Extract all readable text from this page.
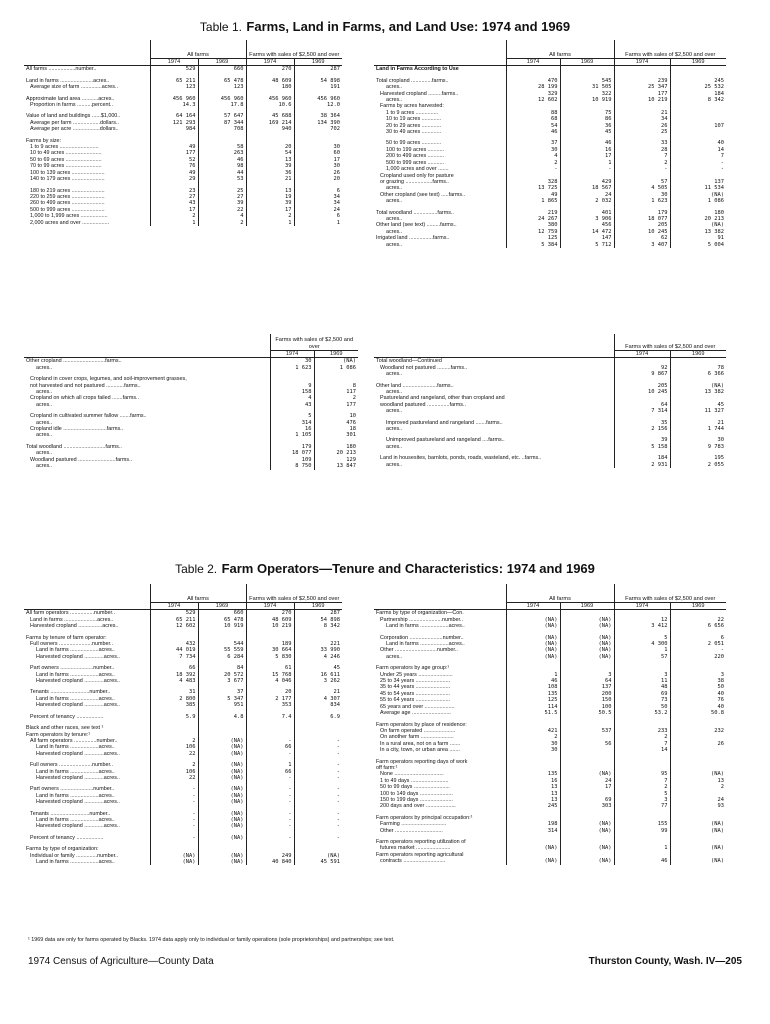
Table 1. Farms, Land in Farms, and Land Use: 1974 and 1969
	All farms		Farms with sales of $2,500 and over	
	1974	1969	1974	1969
All farms ..................number..	529	660	270	287

Land in farms ......................acres..	65 211	65 478	48 609	54 898
Average size of farm ..............acres..	123	123	180	191

Approximate land area ...........acres..	456 960	456 960	456 960	456 960
Proportion in farms ..........percent..	14.3	17.8	10.6	12.0

Value of land and buildings ......$1,000..	64 164	57 647	45 688	38 364
Average per farm ..................dollars..	121 293	87 344	169 214	134 390
Average per acre ..................dollars..	984	708	940	702

Farms by size:				
1 to 9 acres ..........................	49	58	20	30
10 to 49 acres ........................	177	263	54	60
50 to 69 acres ........................	52	46	13	17
70 to 99 acres ........................	76	98	39	30
100 to 139 acres ......................	49	44	36	26
140 to 179 acres ......................	29	53	21	20

180 to 219 acres ......................	23	25	13	6
220 to 259 acres ......................	27	27	19	34
260 to 499 acres ......................	43	39	39	34
500 to 999 acres ......................	17	22	17	24
1,000 to 1,999 acres ..................	2	4	2	6
2,000 acres and over ..................	1	2	1	1
	All farms		Farms with sales of $2,500 and over	
	1974	1969	1974	1969
Land in Farms According to Use				

Total cropland ..............farms..	470	545	239	245
acres..	28 199	31 505	25 347	25 532
Harvested cropland .........farms..	329	322	177	184
acres..	12 602	10 919	10 219	8 342
Farms by acres harvested:				
1 to 9 acres ...............	88	75	21	
10 to 19 acres .............	68	86	34	
20 to 29 acres .............	54	36	26	107
30 to 49 acres .............	46	45	25	

50 to 99 acres .............	37	46	33	40
100 to 199 acres ...........	30	16	28	14
200 to 499 acres ...........	4	17	7	7
500 to 999 acres ...........	2	1	2	-
1,000 acres and over .......	-	-	-	-
Cropland used only for pasture				
or grazing ..................farms..	328	429	57	137
acres..	13 725	18 567	4 505	11 534
Other cropland (see text) .....farms..	49	24	30	(NA)
acres..	1 865	2 032	1 623	1 086

Total woodland ................farms..	219	401	179	180
acres..	24 267	3 906	18 077	20 213
Other land (see text) .........farms..	380	456	205	(NA)
acres..	12 759	14 472	10 245	13 382
Irrigated land ................farms..	125	147	62	91
acres..	5 384	5 712	3 407	5 004
	Farms with sales of $2,500 and over	
	1974	1969
Other cropland ............................farms..	30	(NA)
acres..	1 623	1 086

Cropland in cover crops, legumes, and soil-improvement grasses,		
not harvested and not pastured ............farms..	9	8
acres..	158	117
Cropland on which all crops failed .......farms..	4	2
acres..	43	177

Cropland in cultivated summer fallow .......farms..	5	10
acres..	314	476
Cropland idle .............................farms..	16	18
acres..	1 105	301

Total woodland ............................farms..	179	180
acres..	18 077	20 213
Woodland pastured .........................farms..	109	129
acres..	8 750	13 847
	Farms with sales of $2,500 and over	
	1974	1969
Total woodland—Continued		
Woodland not pastured .........farms..	92	78
acres..	9 867	6 366

Other land .......................farms..	205	(NA)
acres..	10 245	13 382
Pastureland and rangeland, other than cropland and		
woodland pastured ...............farms..	64	45
acres..	7 314	11 327

Improved pastureland and rangeland .......farms..	35	21
acres..	2 156	1 744

Unimproved pastureland and rangeland ....farms..	39	30
acres..	5 158	9 783

Land in housesites, barnlots, ponds, roads, wasteland, etc. ..farms..	184	195
acres..	2 931	2 055
Table 2. Farm Operators—Tenure and Characteristics: 1974 and 1969
	All farms		Farms with sales of $2,500 and over	
	1974	1969	1974	1969
All farm operators ................number..	529	660	270	287
Land in farms ......................acres..	65 211	65 478	48 609	54 898
Harvested cropland ................acres..	12 602	10 919	10 219	8 342

Farms by tenure of farm operator:				
Full owners ......................number..	432	544	189	221
Land in farms ...................acres..	44 019	55 559	30 664	33 990
Harvested cropland .............acres..	7 734	6 284	5 830	4 246

Part owners ......................number..	66	84	61	45
Land in farms ...................acres..	18 392	20 572	15 768	16 611
Harvested cropland .............acres..	4 483	3 677	4 046	3 262

Tenants ..........................number..	31	37	20	21
Land in farms ...................acres..	2 800	5 347	2 177	4 307
Harvested cropland .............acres..	385	951	353	834

Percent of tenancy ..................	5.9	4.8	7.4	6.9

Black and other races, see text ¹				
Farm operators by tenure:¹				
All farm operators ...............number..	2	(NA)	-	-
Land in farms ...................acres..	106	(NA)	66	-
Harvested cropland .............acres..	22	(NA)	-	-

Full owners ......................number..	2	(NA)	1	-
Land in farms ...................acres..	106	(NA)	66	-
Harvested cropland .............acres..	22	(NA)	-	-

Part owners ......................number..	-	(NA)	-	-
Land in farms ...................acres..	-	(NA)	-	-
Harvested cropland .............acres..	-	(NA)	-	-

Tenants ..........................number..	-	(NA)	-	-
Land in farms ...................acres..	-	(NA)	-	-
Harvested cropland .............acres..	-	(NA)	-	-

Percent of tenancy ..................	-	(NA)	-	-

Farms by type of organization:				
Individual or family ..............number..	(NA)	(NA)	249	(NA)
Land in farms ...................acres..	(NA)	(NA)	40 840	45 591
	All farms		Farms with sales of $2,500 and over	
	1974	1969	1974	1969
Farms by type of organization—Con.				
Partnership ......................number..	(NA)	(NA)	12	22
Land in farms ...................acres..	(NA)	(NA)	3 412	6 656

Corporation ......................number..	(NA)	(NA)	5	6
Land in farms ...................acres..	(NA)	(NA)	4 300	2 051
Other ............................number..	(NA)	(NA)	1	-
acres..	(NA)	(NA)	57	220

Farm operators by age group:¹				
Under 25 years .......................	1	3	3	3
25 to 34 years .......................	46	64	11	38
35 to 44 years .......................	108	137	48	50
45 to 54 years .......................	135	200	69	40
55 to 64 years .......................	125	150	73	76
65 years and over ....................	114	100	50	40
Average age ..........................	51.5	50.5	53.2	50.8

Farm operators by place of residence:				
On farm operated .....................	421	537	233	232
On another farm ......................	2		2	
In a rural area, not on a farm .......	30	56	7	26
In a city, town, or urban area .......	30		14	

Farm operators reporting days of work				
off farm:¹				
None .................................	135	(NA)	95	(NA)
1 to 49 days .........................	16	24	7	13
50 to 99 days ........................	13	17	2	2
100 to 149 days ......................	13		5	
150 to 199 days ......................	13	69	3	24
200 days and over ....................	245	303	77	93

Farm operators by principal occupation:¹				
Farming ..............................	198	(NA)	155	(NA)
Other ................................	314	(NA)	99	(NA)

Farm operators reporting utilization of				
futures market .......................	(NA)	(NA)	1	(NA)
Farm operators reporting agricultural				
contracts ............................	(NA)	(NA)	46	(NA)
¹ 1969 data are only for farms operated by Blacks. 1974 data apply only to individual or family operations (sole proprietorships) and partnerships; see text.
1974 Census of Agriculture—County Data	Thurston County, Wash. IV—205
